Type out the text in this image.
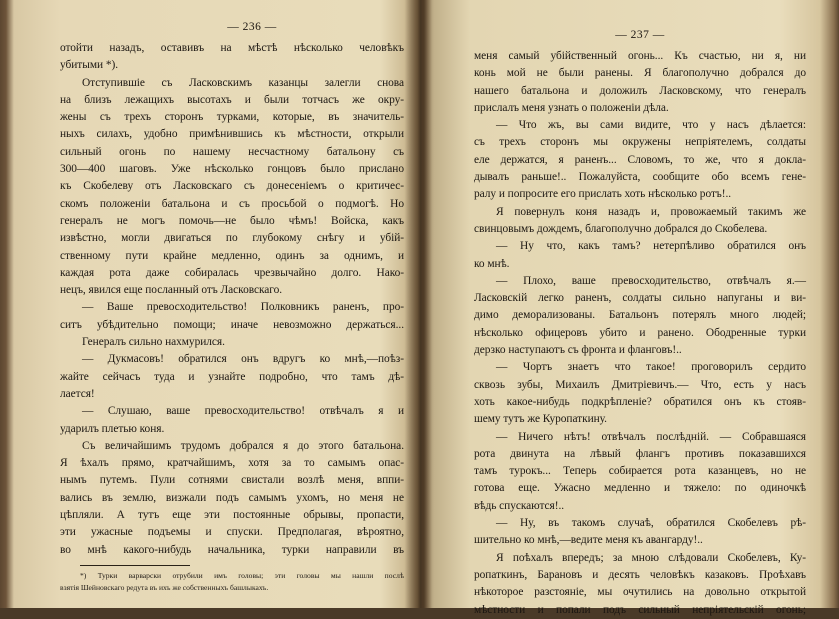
— 236 —
отойти назадъ, оставивъ на мѣстѣ нѣсколько человѣкъ
убитыми *).
Отступившіе съ Ласковскимъ казанцы залегли снова
на близъ лежащихъ высотахъ и были тотчасъ же окру-
жены съ трехъ сторонъ турками, которые, въ значитель-
ныхъ силахъ, удобно примѣнившись къ мѣстности, открыли
сильный огонь по нашему несчастному батальону съ
300—400 шаговъ. Уже нѣсколько гонцовъ было прислано
къ Скобелеву отъ Ласковскаго съ донесеніемъ о критичес-
скомъ положеніи батальона и съ просьбой о подмогѣ. Но
генералъ не могъ помочь—не было чѣмъ! Войска, какъ
извѣстно, могли двигаться по глубокому снѣгу и убій-
ственному пути крайне медленно, одинъ за однимъ, и
каждая рота даже собиралась чрезвычайно долго. Нако-
нецъ, явился еще посланный отъ Ласковскаго.
— Ваше превосходительство! Полковникъ раненъ, про-
ситъ убѣдительно помощи; иначе невозможно держаться...
Генералъ сильно нахмурился.
— Дукмасовъ! обратился онъ вдругъ ко мнѣ,—поѣз-
жайте сейчасъ туда и узнайте подробно, что тамъ дѣ-
лается!
— Слушаю, ваше превосходительство! отвѣчалъ я и
ударилъ плетью коня.
Съ величайшимъ трудомъ добрался я до этого батальона.
Я ѣхалъ прямо, кратчайшимъ, хотя за то самымъ опас-
нымъ путемъ. Пули сотнями свистали возлѣ меня, вппи-
вались въ землю, визжали подъ самымъ ухомъ, но меня не
цѣпляли. А тутъ еще эти постоянные обрывы, пропасти,
эти ужасные подъемы и спуски. Предполагая, вѣроятно,
во мнѣ какого-нибудь начальника, турки направили въ
*) Турки варварски отрубили имъ головы; эти головы мы нашли послѣ
взятія Шейновскаго редута въ ихъ же собственныхъ башлыкахъ.
— 237 —
меня самый убійственный огонь... Къ счастью, ни я, ни
конь мой не были ранены. Я благополучно добрался до
нашего батальона и доложилъ Ласковскому, что генералъ
прислалъ меня узнать о положеніи дѣла.
— Что жъ, вы сами видите, что у насъ дѣлается:
съ трехъ сторонъ мы окружены непріятелемъ, солдаты
еле держатся, я раненъ... Словомъ, то же, что я докла-
дывалъ раньше!.. Пожалуйста, сообщите обо всемъ гене-
ралу и попросите его прислать хоть нѣсколько ротъ!..
Я повернулъ коня назадъ и, провожаемый такимъ же
свинцовымъ дождемъ, благополучно добрался до Скобелева.
— Ну что, какъ тамъ? нетерпѣливо обратился онъ
ко мнѣ.
— Плохо, ваше превосходительство, отвѣчалъ я.—
Ласковскій легко раненъ, солдаты сильно напуганы и ви-
димо деморализованы. Батальонъ потерялъ много людей;
нѣсколько офицеровъ убито и ранено. Ободренные турки
дерзко наступаютъ съ фронта и фланговъ!..
— Чортъ знаетъ что такое! проговорилъ сердито
сквозь зубы, Михаилъ Дмитріевичъ.— Что, есть у насъ
хоть какое-нибудь подкрѣпленіе? обратился онъ къ стояв-
шему тутъ же Куропаткину.
— Ничего нѣтъ! отвѣчалъ послѣдній. — Собравшаяся
рота двинута на лѣвый флангъ противъ показавшихся
тамъ турокъ... Теперь собирается рота казанцевъ, но не
готова еще. Ужасно медленно и тяжело: по одиночкѣ
вѣдь спускаются!..
— Ну, въ такомъ случаѣ, обратился Скобелевъ рѣ-
шительно ко мнѣ,—ведите меня къ авангарду!..
Я поѣхалъ впередъ; за мною слѣдовали Скобелевъ, Ку-
ропаткинъ, Барановъ и десять человѣкъ казаковъ. Проѣхавъ
нѣкоторое разстояніе, мы очутились на довольно открытой
мѣстности и попали подъ сильный непріятельскій огонь;
